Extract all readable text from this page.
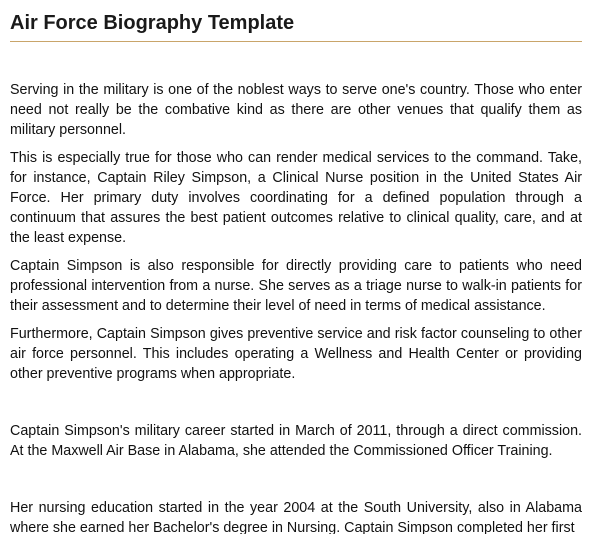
Air Force Biography Template

Serving in the military is one of the noblest ways to serve one's country. Those who enter need not really be the combative kind as there are other venues that qualify them as military personnel.

This is especially true for those who can render medical services to the command. Take, for instance, Captain Riley Simpson, a Clinical Nurse position in the United States Air Force. Her primary duty involves coordinating for a defined population through a continuum that assures the best patient outcomes relative to clinical quality, care, and at the least expense.

Captain Simpson is also responsible for directly providing care to patients who need professional intervention from a nurse. She serves as a triage nurse to walk-in patients for their assessment and to determine their level of need in terms of medical assistance.

Furthermore, Captain Simpson gives preventive service and risk factor counseling to other air force personnel. This includes operating a Wellness and Health Center or providing other preventive programs when appropriate.

Captain Simpson's military career started in March of 2011, through a direct commission. At the Maxwell Air Base in Alabama, she attended the Commissioned Officer Training.

Her nursing education started in the year 2004 at the South University, also in Alabama where she earned her Bachelor's degree in Nursing. Captain Simpson completed her first
